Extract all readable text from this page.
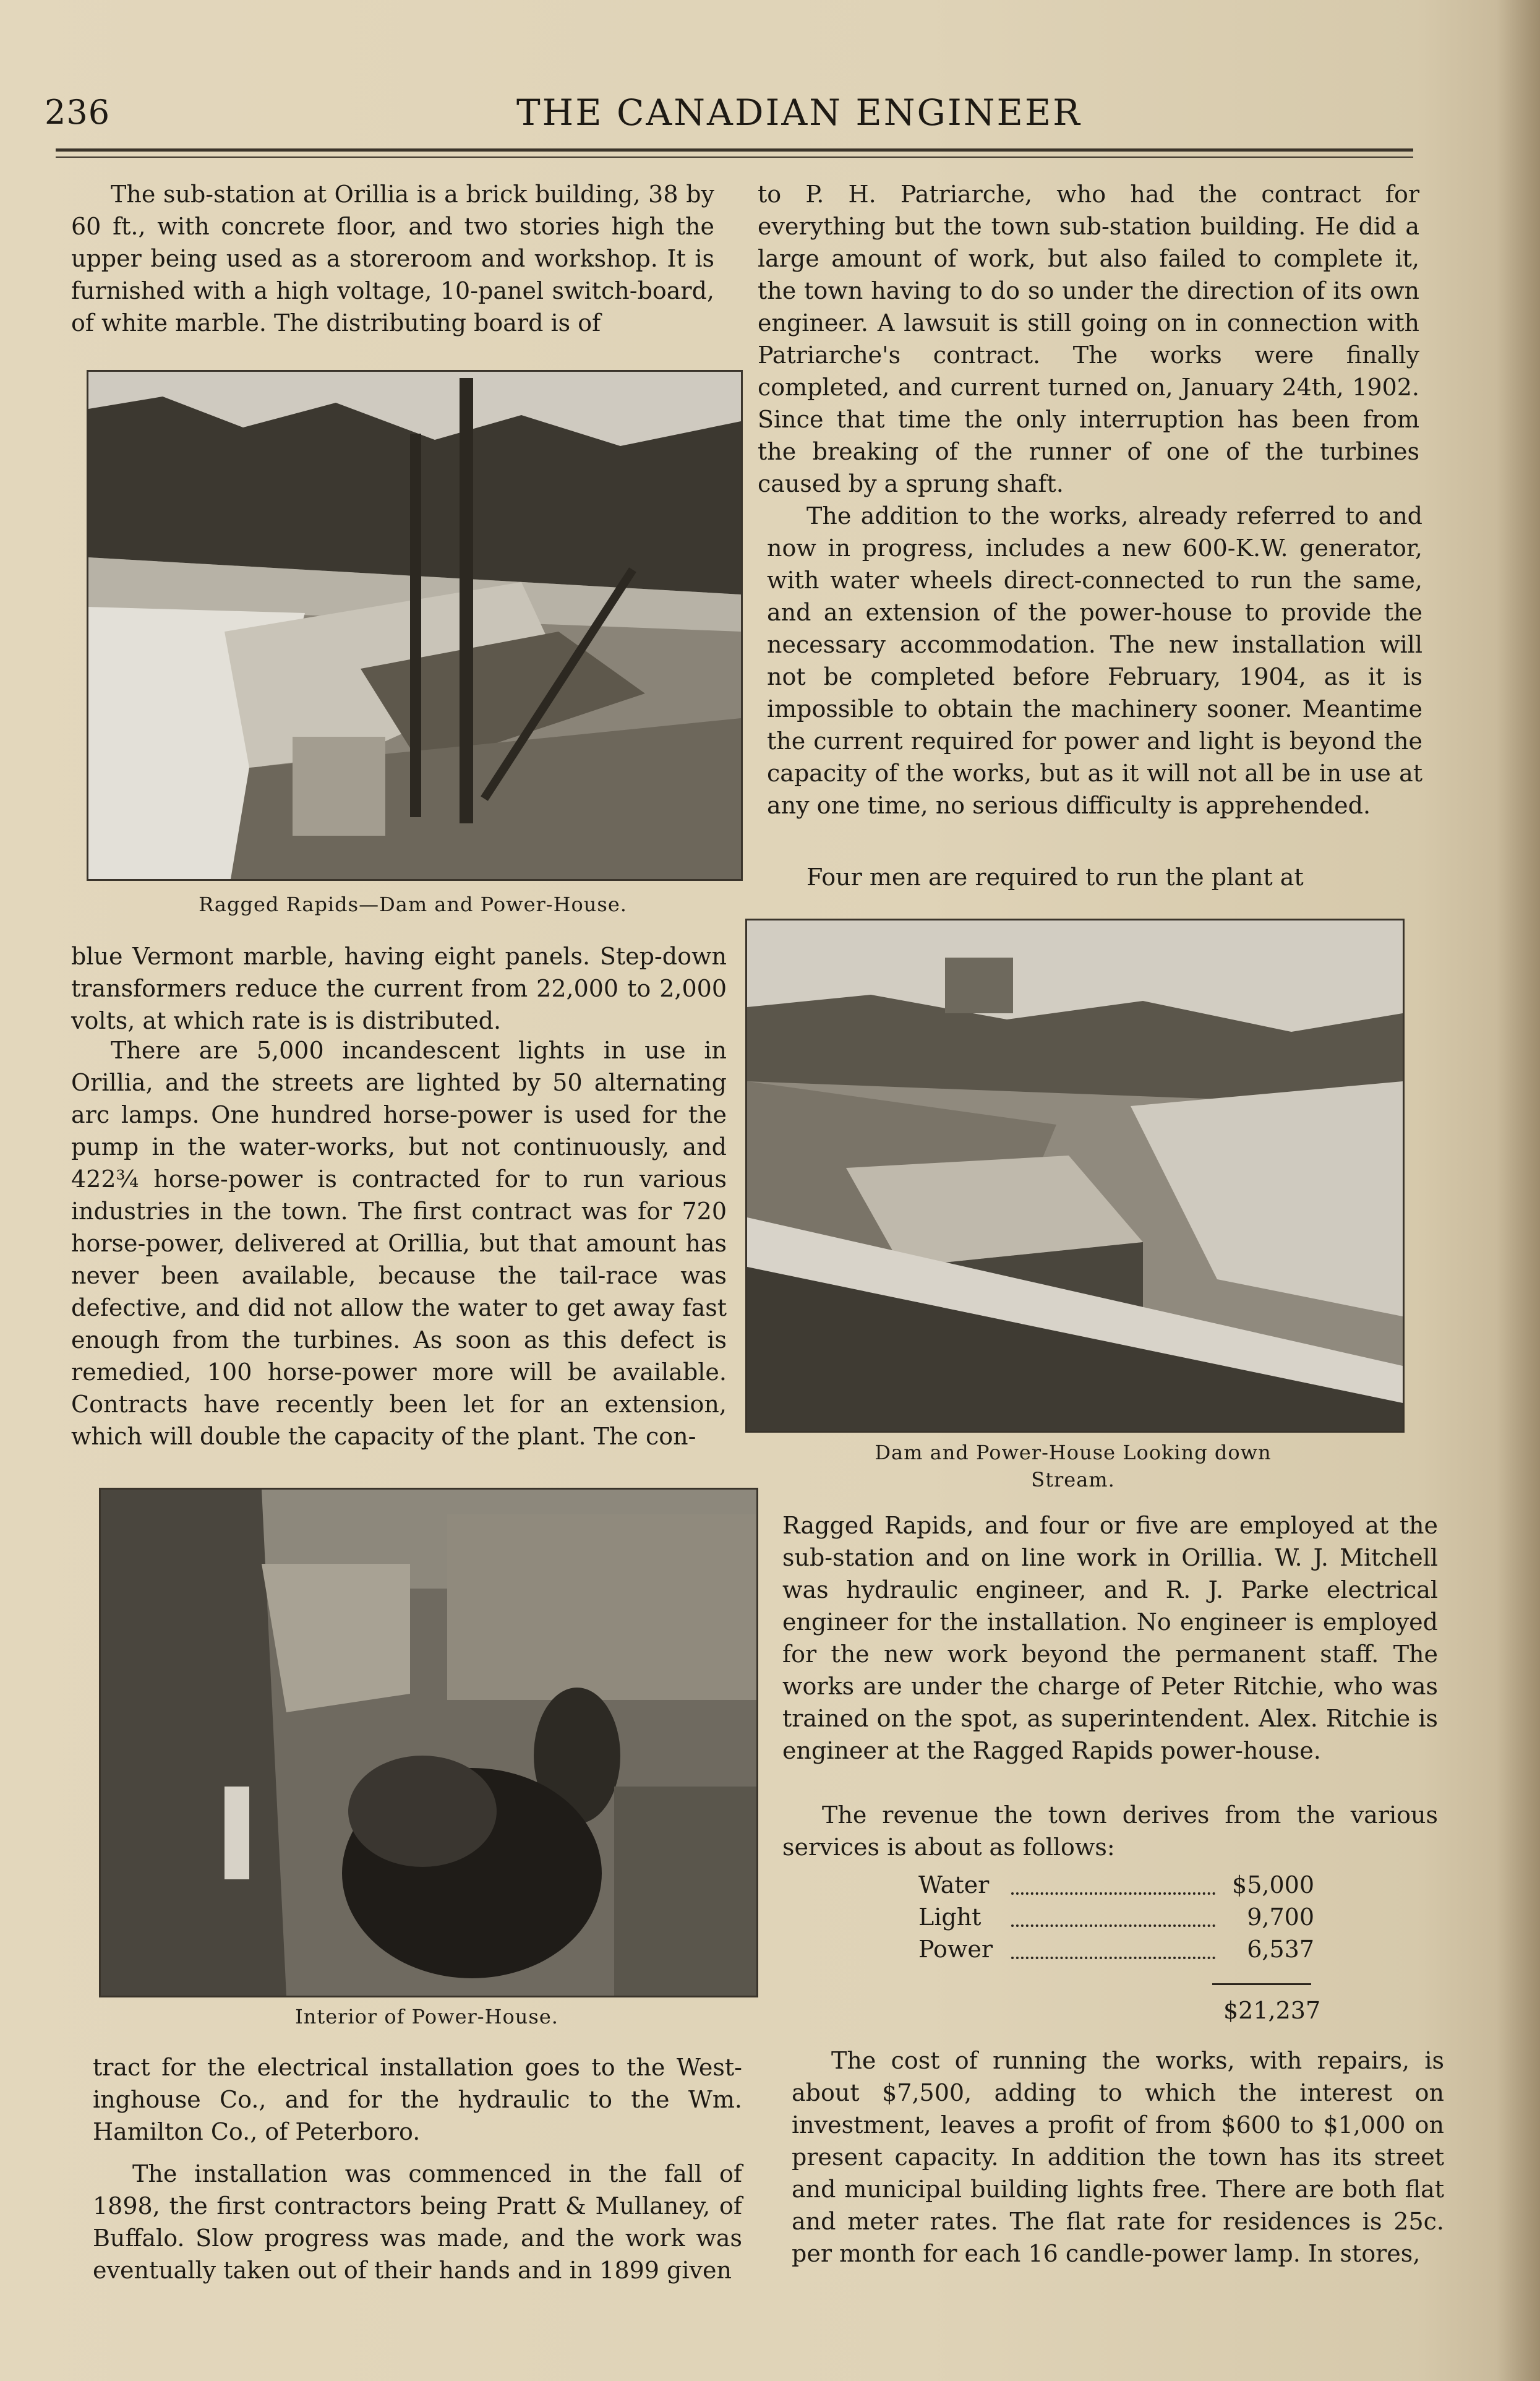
236	THE CANADIAN ENGINEER

The sub-station at Orillia is a brick building, 38 by 60 ft., with concrete floor, and two stories high the upper being used as a storeroom and workshop. It is furnished with a high voltage, 10-panel switch-board, of white marble. The distributing board is of

Ragged Rapids—Dam and Power-House.

blue Vermont marble, having eight panels. Step-down transformers reduce the current from 22,000 to 2,000 volts, at which rate is is distributed.

There are 5,000 incandescent lights in use in Orillia, and the streets are lighted by 50 alternating arc lamps. One hundred horse-power is used for the pump in the water-works, but not continuously, and 422¾ horse-power is contracted for to run various industries in the town. The first contract was for 720 horse-power, delivered at Orillia, but that amount has never been available, because the tail-race was defective, and did not allow the water to get away fast enough from the turbines. As soon as this defect is remedied, 100 horse-power more will be available. Contracts have recently been let for an extension, which will double the capacity of the plant. The con-

Interior of Power-House.

tract for the electrical installation goes to the West-inghouse Co., and for the hydraulic to the Wm. Hamilton Co., of Peterboro.

The installation was commenced in the fall of 1898, the first contractors being Pratt & Mullaney, of Buffalo. Slow progress was made, and the work was eventually taken out of their hands and in 1899 given

to P. H. Patriarche, who had the contract for everything but the town sub-station building. He did a large amount of work, but also failed to complete it, the town having to do so under the direction of its own engineer. A lawsuit is still going on in connection with Patriarche's contract. The works were finally completed, and current turned on, January 24th, 1902. Since that time the only interruption has been from the breaking of the runner of one of the turbines caused by a sprung shaft.

The addition to the works, already referred to and now in progress, includes a new 600-K.W. generator, with water wheels direct-connected to run the same, and an extension of the power-house to provide the necessary accommodation. The new installation will not be completed before February, 1904, as it is impossible to obtain the machinery sooner. Meantime the current required for power and light is beyond the capacity of the works, but as it will not all be in use at any one time, no serious difficulty is apprehended.

Four men are required to run the plant at

Dam and Power-House Looking down
Stream.

Ragged Rapids, and four or five are employed at the sub-station and on line work in Orillia. W. J. Mitchell was hydraulic engineer, and R. J. Parke electrical engineer for the installation. No engineer is employed for the new work beyond the permanent staff. The works are under the charge of Peter Ritchie, who was trained on the spot, as superintendent. Alex. Ritchie is engineer at the Ragged Rapids power-house.

The revenue the town derives from the various services is about as follows:

Water	$5,000
Light	9,700
Power	6,537
$21,237

The cost of running the works, with repairs, is about $7,500, adding to which the interest on investment, leaves a profit of from $600 to $1,000 on present capacity. In addition the town has its street and municipal building lights free. There are both flat and meter rates. The flat rate for residences is 25c. per month for each 16 candle-power lamp. In stores,
